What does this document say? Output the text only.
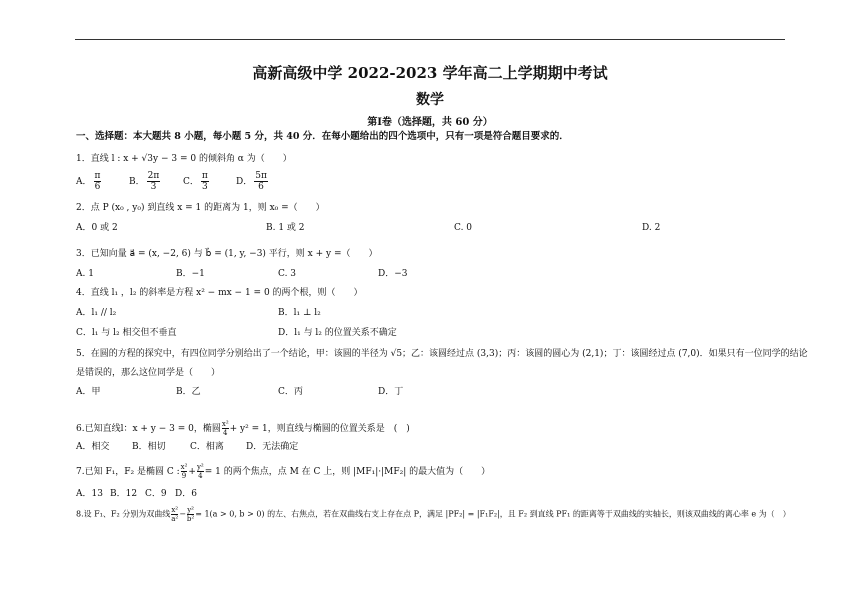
高新高级中学 2022-2023 学年高二上学期期中考试
数学
第Ⅰ卷（选择题，共 60 分）
一、选择题：本大题共 8 小题，每小题 5 分，共 40 分．在每小题给出的四个选项中，只有一项是符合题目要求的．
1．直线 l : x + √3y − 3 = 0 的倾斜角 α 为（　　）
A． $\frac{\pi}{6}$	B． $\frac{2\pi}{3}$	C． $\frac{\pi}{3}$	D． $\frac{5\pi}{6}$
2．点 P (x₀ , y₀) 到直线 x = 1 的距离为 1，则 x₀ =（　　）
A．0 或 2	B. 1 或 2	C. 0	D. 2
3．已知向量 a⃗ = (x, −2, 6) 与 b⃗ = (1, y, −3) 平行，则 x + y =（　　）
A. 1	B．−1	C. 3	D．−3
4．直线 l₁ ，l₂ 的斜率是方程 x² − mx − 1 = 0 的两个根，则（　　）
A．l₁ // l₂	B．l₁ ⊥ l₂
C．l₁ 与 l₂ 相交但不垂直	D．l₁ 与 l₂ 的位置关系不确定
5．在圆的方程的探究中，有四位同学分别给出了一个结论，甲：该圆的半径为 √5；乙：该圆经过点 (3,3)；丙：该圆的圆心为 (2,1)；丁：该圆经过点 (7,0)．如果只有一位同学的结论
是错误的，那么这位同学是（　　）
A．甲	B．乙	C．丙	D．丁
6.已知直线l：x + y − 3 = 0，椭圆 $\frac{\text{x²}}{4} + y^2 = 1$，则直线与椭圆的位置关系是　(　)
A．相交	B．相切	C．相离 D．无法确定
7.已知 F₁，F₂ 是椭圆 C : $\frac{\text{x²}}{9} + \frac{\text{y²}}{4} = 1$ 的两个焦点，点 M 在 C 上，则 |MF₁|·|MF₂| 的最大值为（　　）
A．13 B．12 C．9 D．6
8.设 F₁、F₂ 分别为双曲线 $\frac{\text{x²}}{\text{a²}} - \frac{\text{y²}}{\text{b²}} = 1(a > 0$, b > 0) 的左、右焦点，若在双曲线右支上存在点 P，满足 |PF₂| = |F₁F₂|，且 F₂ 到直线 PF₁ 的距离等于双曲线的实轴长，则该双曲线的离心率 e 为（　）
